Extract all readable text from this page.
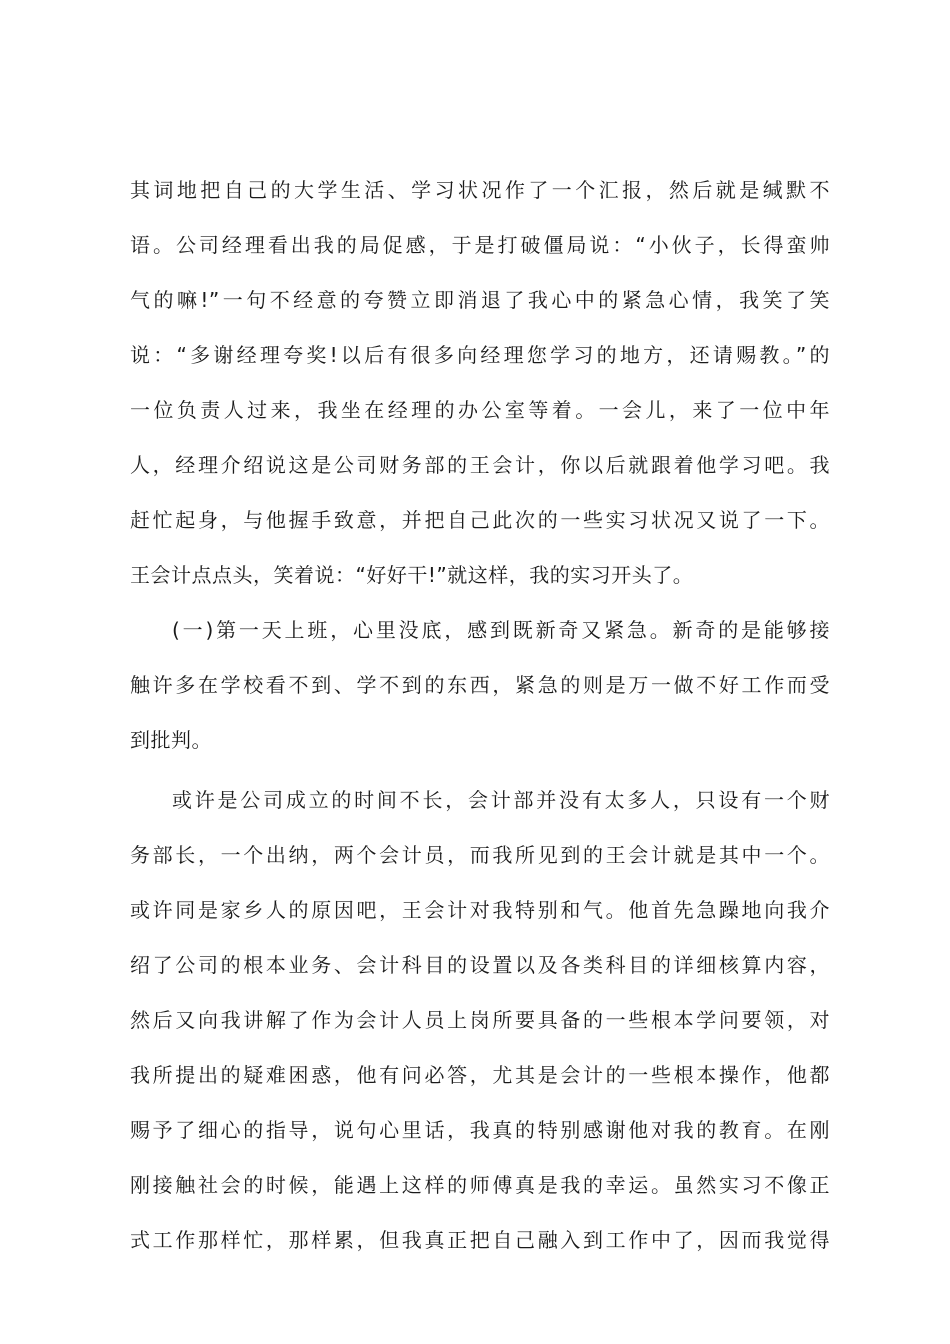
其词地把自己的大学生活、学习状况作了一个汇报，然后就是缄默不
语。公司经理看出我的局促感，于是打破僵局说：“小伙子，长得蛮帅
气的嘛!”一句不经意的夸赞立即消退了我心中的紧急心情，我笑了笑
说：“多谢经理夸奖!以后有很多向经理您学习的地方，还请赐教。”的
一位负责人过来，我坐在经理的办公室等着。一会儿，来了一位中年
人，经理介绍说这是公司财务部的王会计，你以后就跟着他学习吧。我
赶忙起身，与他握手致意，并把自己此次的一些实习状况又说了一下。
王会计点点头，笑着说：“好好干!”就这样，我的实习开头了。
(一)第一天上班，心里没底，感到既新奇又紧急。新奇的是能够接
触许多在学校看不到、学不到的东西，紧急的则是万一做不好工作而受
到批判。
或许是公司成立的时间不长，会计部并没有太多人，只设有一个财
务部长，一个出纳，两个会计员，而我所见到的王会计就是其中一个。
或许同是家乡人的原因吧，王会计对我特别和气。他首先急躁地向我介
绍了公司的根本业务、会计科目的设置以及各类科目的详细核算内容，
然后又向我讲解了作为会计人员上岗所要具备的一些根本学问要领，对
我所提出的疑难困惑，他有问必答，尤其是会计的一些根本操作，他都
赐予了细心的指导，说句心里话，我真的特别感谢他对我的教育。在刚
刚接触社会的时候，能遇上这样的师傅真是我的幸运。虽然实习不像正
式工作那样忙，那样累，但我真正把自己融入到工作中了，因而我觉得
